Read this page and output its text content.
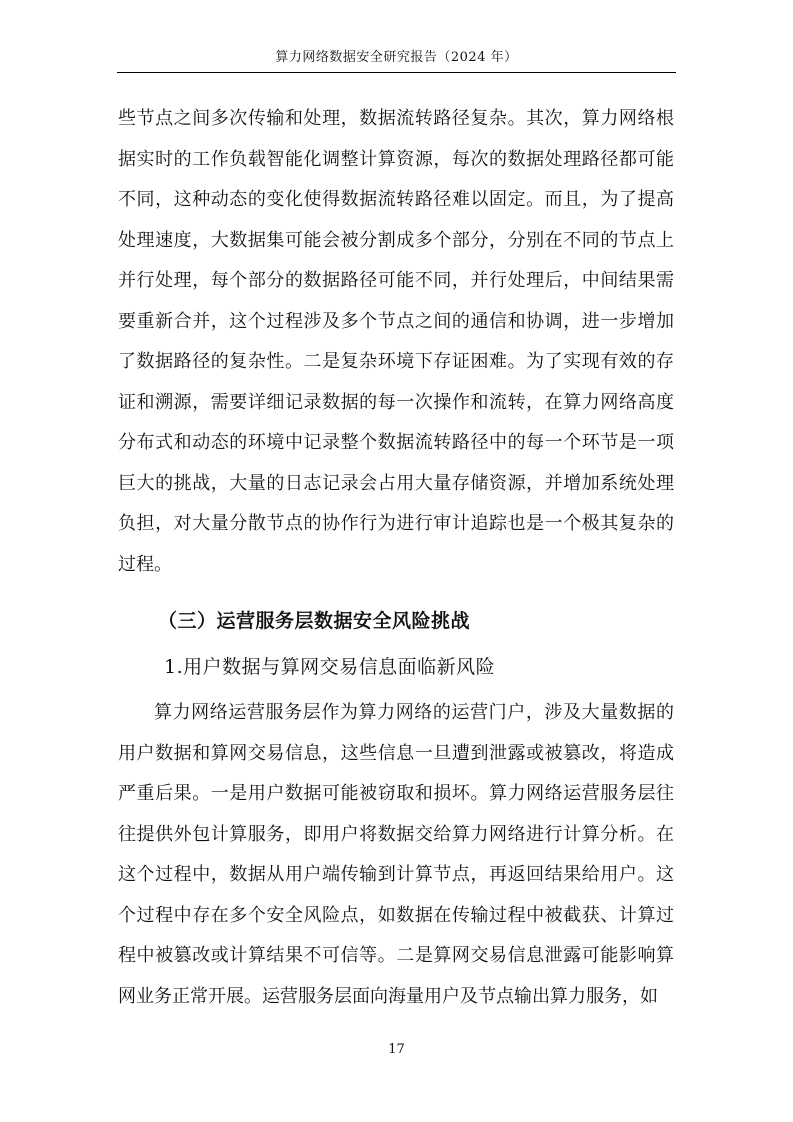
算力网络数据安全研究报告（2024 年）
些节点之间多次传输和处理，数据流转路径复杂。其次，算力网络根据实时的工作负载智能化调整计算资源，每次的数据处理路径都可能不同，这种动态的变化使得数据流转路径难以固定。而且，为了提高处理速度，大数据集可能会被分割成多个部分，分别在不同的节点上并行处理，每个部分的数据路径可能不同，并行处理后，中间结果需要重新合并，这个过程涉及多个节点之间的通信和协调，进一步增加了数据路径的复杂性。二是复杂环境下存证困难。为了实现有效的存证和溯源，需要详细记录数据的每一次操作和流转，在算力网络高度分布式和动态的环境中记录整个数据流转路径中的每一个环节是一项巨大的挑战，大量的日志记录会占用大量存储资源，并增加系统处理负担，对大量分散节点的协作行为进行审计追踪也是一个极其复杂的过程。
（三）运营服务层数据安全风险挑战
1.用户数据与算网交易信息面临新风险
算力网络运营服务层作为算力网络的运营门户，涉及大量数据的用户数据和算网交易信息，这些信息一旦遭到泄露或被篡改，将造成严重后果。一是用户数据可能被窃取和损坏。算力网络运营服务层往往提供外包计算服务，即用户将数据交给算力网络进行计算分析。在这个过程中，数据从用户端传输到计算节点，再返回结果给用户。这个过程中存在多个安全风险点，如数据在传输过程中被截获、计算过程中被篡改或计算结果不可信等。二是算网交易信息泄露可能影响算网业务正常开展。运营服务层面向海量用户及节点输出算力服务，如
17
